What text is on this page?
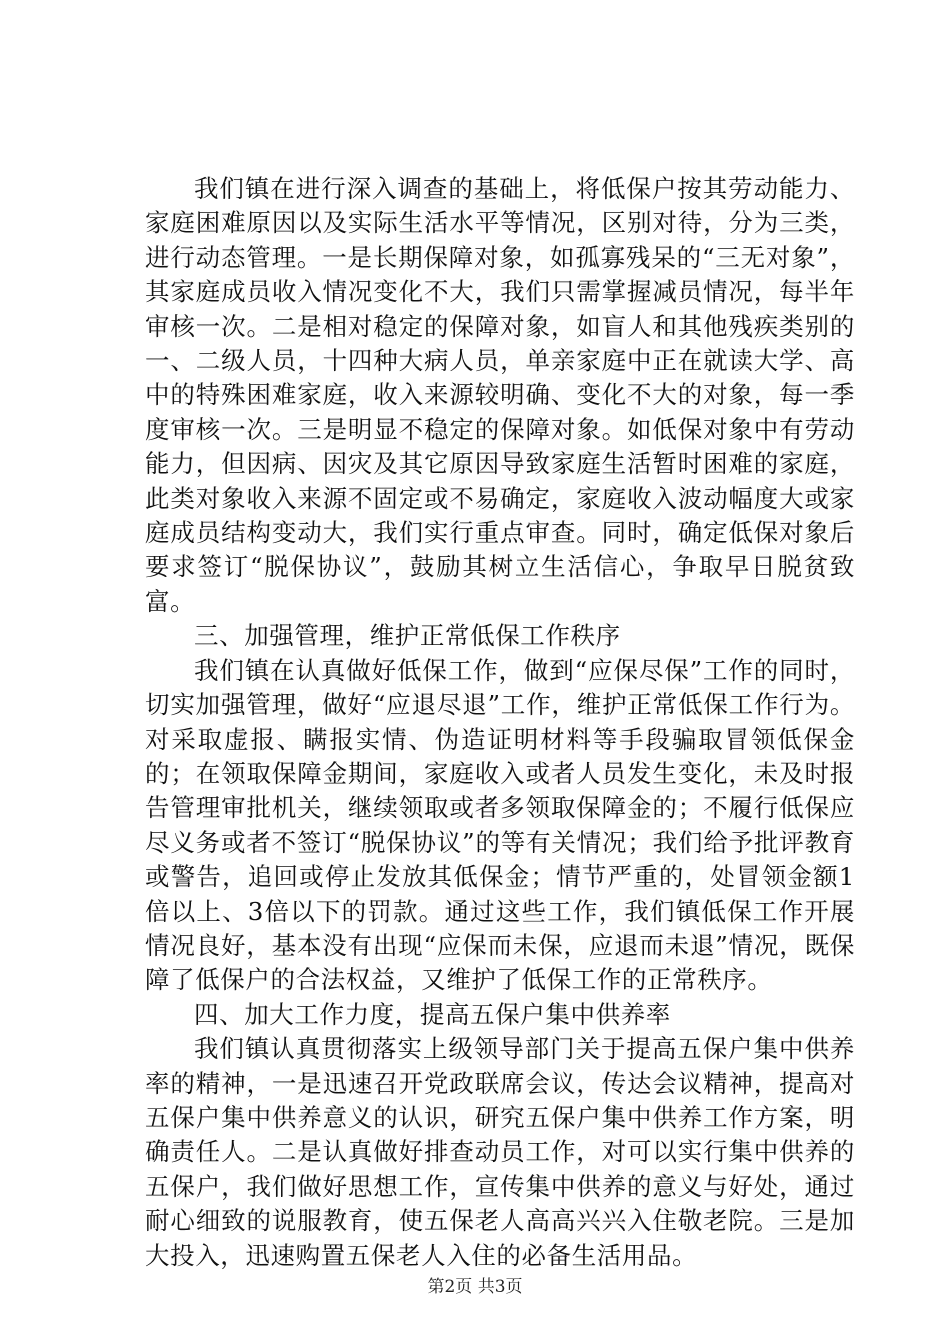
我们镇在进行深入调查的基础上，将低保户按其劳动能力、家庭困难原因以及实际生活水平等情况，区别对待，分为三类，进行动态管理。一是长期保障对象，如孤寡残呆的“三无对象”，其家庭成员收入情况变化不大，我们只需掌握减员情况，每半年审核一次。二是相对稳定的保障对象，如盲人和其他残疾类别的一、二级人员，十四种大病人员，单亲家庭中正在就读大学、高中的特殊困难家庭，收入来源较明确、变化不大的对象，每一季度审核一次。三是明显不稳定的保障对象。如低保对象中有劳动能力，但因病、因灾及其它原因导致家庭生活暂时困难的家庭，此类对象收入来源不固定或不易确定，家庭收入波动幅度大或家庭成员结构变动大，我们实行重点审查。同时，确定低保对象后要求签订“脱保协议”，鼓励其树立生活信心，争取早日脱贫致富。

三、加强管理，维护正常低保工作秩序

我们镇在认真做好低保工作，做到“应保尽保”工作的同时，切实加强管理，做好“应退尽退”工作，维护正常低保工作行为。对采取虚报、瞒报实情、伪造证明材料等手段骗取冒领低保金的；在领取保障金期间，家庭收入或者人员发生变化，未及时报告管理审批机关，继续领取或者多领取保障金的；不履行低保应尽义务或者不签订“脱保协议”的等有关情况；我们给予批评教育或警告，追回或停止发放其低保金；情节严重的，处冒领金额1倍以上、3倍以下的罚款。通过这些工作，我们镇低保工作开展情况良好，基本没有出现“应保而未保，应退而未退”情况，既保障了低保户的合法权益，又维护了低保工作的正常秩序。

四、加大工作力度，提高五保户集中供养率

我们镇认真贯彻落实上级领导部门关于提高五保户集中供养率的精神，一是迅速召开党政联席会议，传达会议精神，提高对五保户集中供养意义的认识，研究五保户集中供养工作方案，明确责任人。二是认真做好排查动员工作，对可以实行集中供养的五保户，我们做好思想工作，宣传集中供养的意义与好处，通过耐心细致的说服教育，使五保老人高高兴兴入住敬老院。三是加大投入，迅速购置五保老人入住的必备生活用品。

第2页 共3页
